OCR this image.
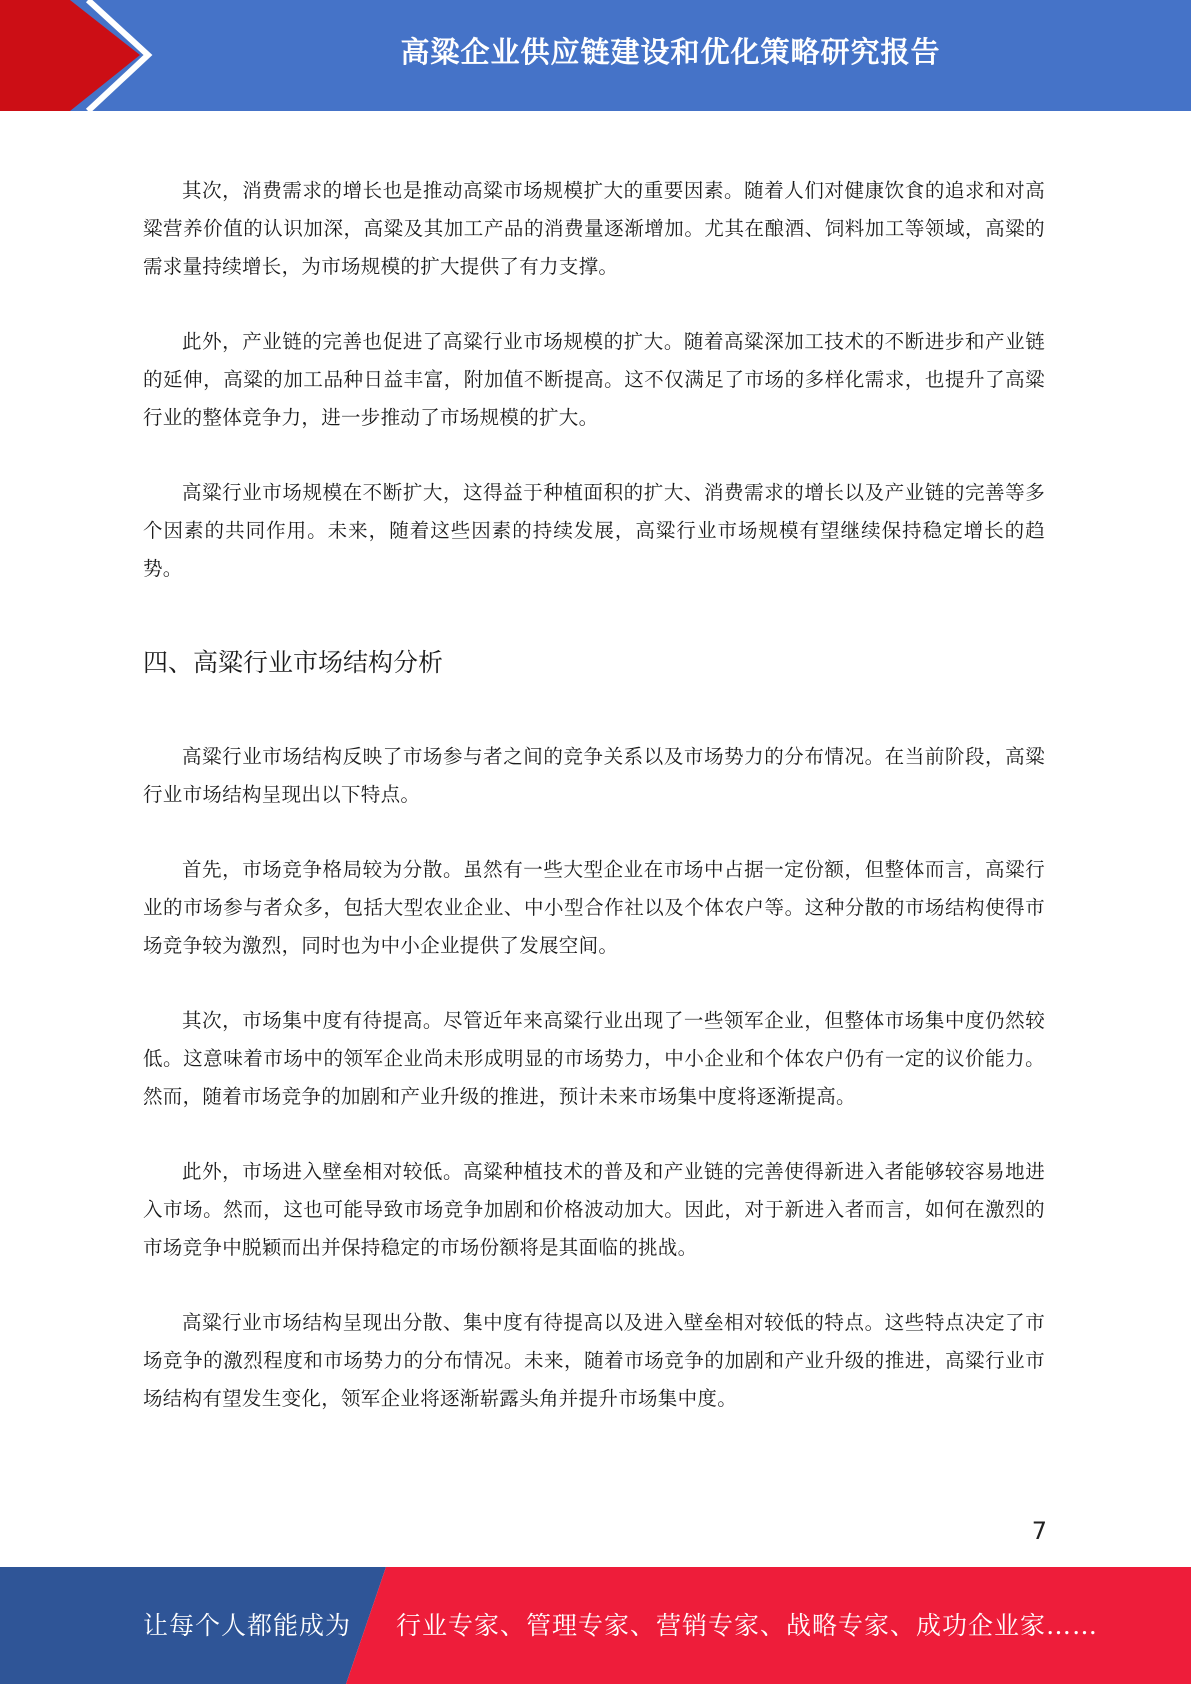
高粱企业供应链建设和优化策略研究报告

其次，消费需求的增长也是推动高粱市场规模扩大的重要因素。随着人们对健康饮食的追求和对高粱营养价值的认识加深，高粱及其加工产品的消费量逐渐增加。尤其在酿酒、饲料加工等领域，高粱的需求量持续增长，为市场规模的扩大提供了有力支撑。

此外，产业链的完善也促进了高粱行业市场规模的扩大。随着高粱深加工技术的不断进步和产业链的延伸，高粱的加工品种日益丰富，附加值不断提高。这不仅满足了市场的多样化需求，也提升了高粱行业的整体竞争力，进一步推动了市场规模的扩大。

高粱行业市场规模在不断扩大，这得益于种植面积的扩大、消费需求的增长以及产业链的完善等多个因素的共同作用。未来，随着这些因素的持续发展，高粱行业市场规模有望继续保持稳定增长的趋势。

四、高粱行业市场结构分析

高粱行业市场结构反映了市场参与者之间的竞争关系以及市场势力的分布情况。在当前阶段，高粱行业市场结构呈现出以下特点。

首先，市场竞争格局较为分散。虽然有一些大型企业在市场中占据一定份额，但整体而言，高粱行业的市场参与者众多，包括大型农业企业、中小型合作社以及个体农户等。这种分散的市场结构使得市场竞争较为激烈，同时也为中小企业提供了发展空间。

其次，市场集中度有待提高。尽管近年来高粱行业出现了一些领军企业，但整体市场集中度仍然较低。这意味着市场中的领军企业尚未形成明显的市场势力，中小企业和个体农户仍有一定的议价能力。然而，随着市场竞争的加剧和产业升级的推进，预计未来市场集中度将逐渐提高。

此外，市场进入壁垒相对较低。高粱种植技术的普及和产业链的完善使得新进入者能够较容易地进入市场。然而，这也可能导致市场竞争加剧和价格波动加大。因此，对于新进入者而言，如何在激烈的市场竞争中脱颖而出并保持稳定的市场份额将是其面临的挑战。

高粱行业市场结构呈现出分散、集中度有待提高以及进入壁垒相对较低的特点。这些特点决定了市场竞争的激烈程度和市场势力的分布情况。未来，随着市场竞争的加剧和产业升级的推进，高粱行业市场结构有望发生变化，领军企业将逐渐崭露头角并提升市场集中度。

7
让每个人都能成为 行业专家、管理专家、营销专家、战略专家、成功企业家……
